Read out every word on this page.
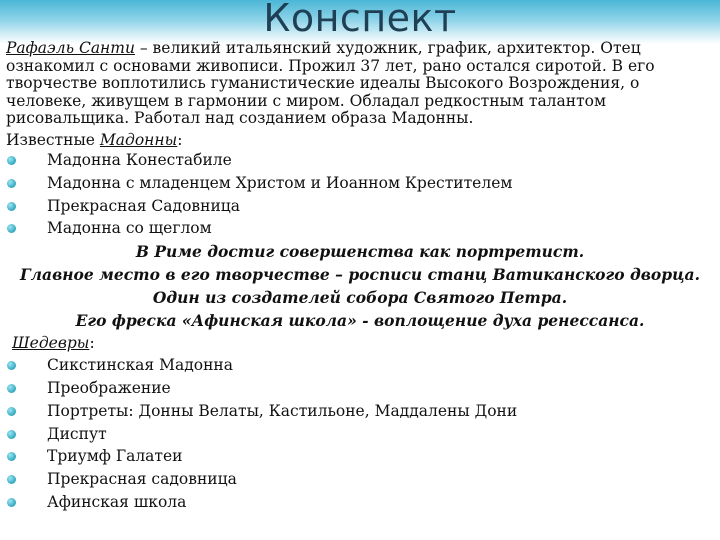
Конспект
Рафаэль Санти – великий итальянский художник, график, архитектор. Отец ознакомил с основами живописи. Прожил 37 лет, рано остался сиротой. В его творчестве воплотились гуманистические идеалы Высокого Возрождения, о человеке, живущем в гармонии с миром. Обладал редкостным талантом рисовальщика. Работал над созданием образа Мадонны.
Известные Мадонны:
Мадонна Конестабиле
Мадонна с младенцем Христом и Иоанном Крестителем
Прекрасная Садовница
Мадонна со щеглом
В Риме достиг совершенства как портретист.
Главное место в его творчестве – росписи станц Ватиканского дворца.
Один из создателей собора Святого Петра.
Его фреска «Афинская школа» - воплощение духа ренессанса.
Шедевры:
Сикстинская Мадонна
Преображение
Портреты: Донны Велаты, Кастильоне, Маддалены Дони
Диспут
Триумф Галатеи
Прекрасная садовница
Афинская школа
